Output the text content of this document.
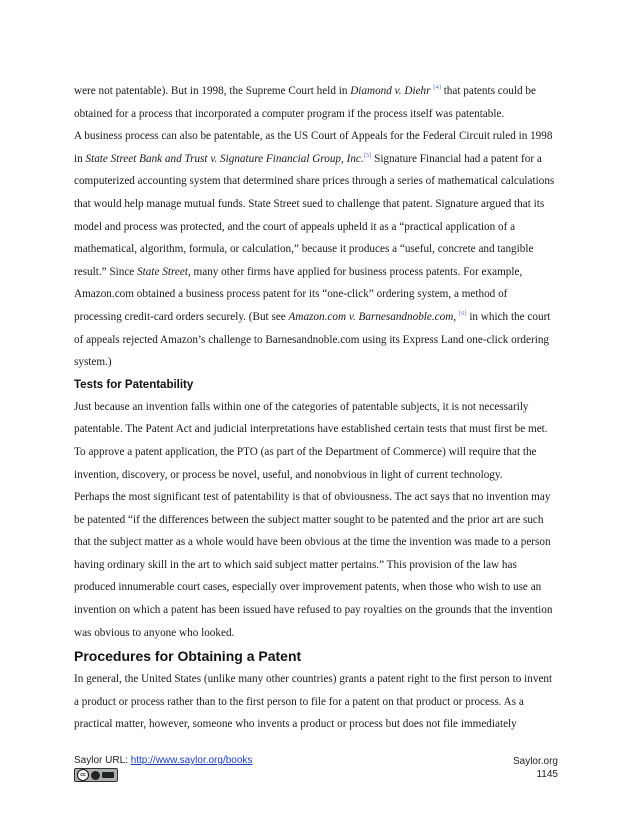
were not patentable). But in 1998, the Supreme Court held in Diamond v. Diehr [4] that patents could be obtained for a process that incorporated a computer program if the process itself was patentable.

A business process can also be patentable, as the US Court of Appeals for the Federal Circuit ruled in 1998 in State Street Bank and Trust v. Signature Financial Group, Inc.[5] Signature Financial had a patent for a computerized accounting system that determined share prices through a series of mathematical calculations that would help manage mutual funds. State Street sued to challenge that patent. Signature argued that its model and process was protected, and the court of appeals upheld it as a “practical application of a mathematical, algorithm, formula, or calculation,” because it produces a “useful, concrete and tangible result.” Since State Street, many other firms have applied for business process patents. For example, Amazon.com obtained a business process patent for its “one-click” ordering system, a method of processing credit-card orders securely. (But see Amazon.com v. Barnesandnoble.com, [6] in which the court of appeals rejected Amazon’s challenge to Barnesandnoble.com using its Express Land one-click ordering system.)

Tests for Patentability

Just because an invention falls within one of the categories of patentable subjects, it is not necessarily patentable. The Patent Act and judicial interpretations have established certain tests that must first be met. To approve a patent application, the PTO (as part of the Department of Commerce) will require that the invention, discovery, or process be novel, useful, and nonobvious in light of current technology.

Perhaps the most significant test of patentability is that of obviousness. The act says that no invention may be patented “if the differences between the subject matter sought to be patented and the prior art are such that the subject matter as a whole would have been obvious at the time the invention was made to a person having ordinary skill in the art to which said subject matter pertains.” This provision of the law has produced innumerable court cases, especially over improvement patents, when those who wish to use an invention on which a patent has been issued have refused to pay royalties on the grounds that the invention was obvious to anyone who looked.

Procedures for Obtaining a Patent

In general, the United States (unlike many other countries) grants a patent right to the first person to invent a product or process rather than to the first person to file for a patent on that product or process. As a practical matter, however, someone who invents a product or process but does not file immediately

Saylor URL: http://www.saylor.org/books
cc
Saylor.org
1145
